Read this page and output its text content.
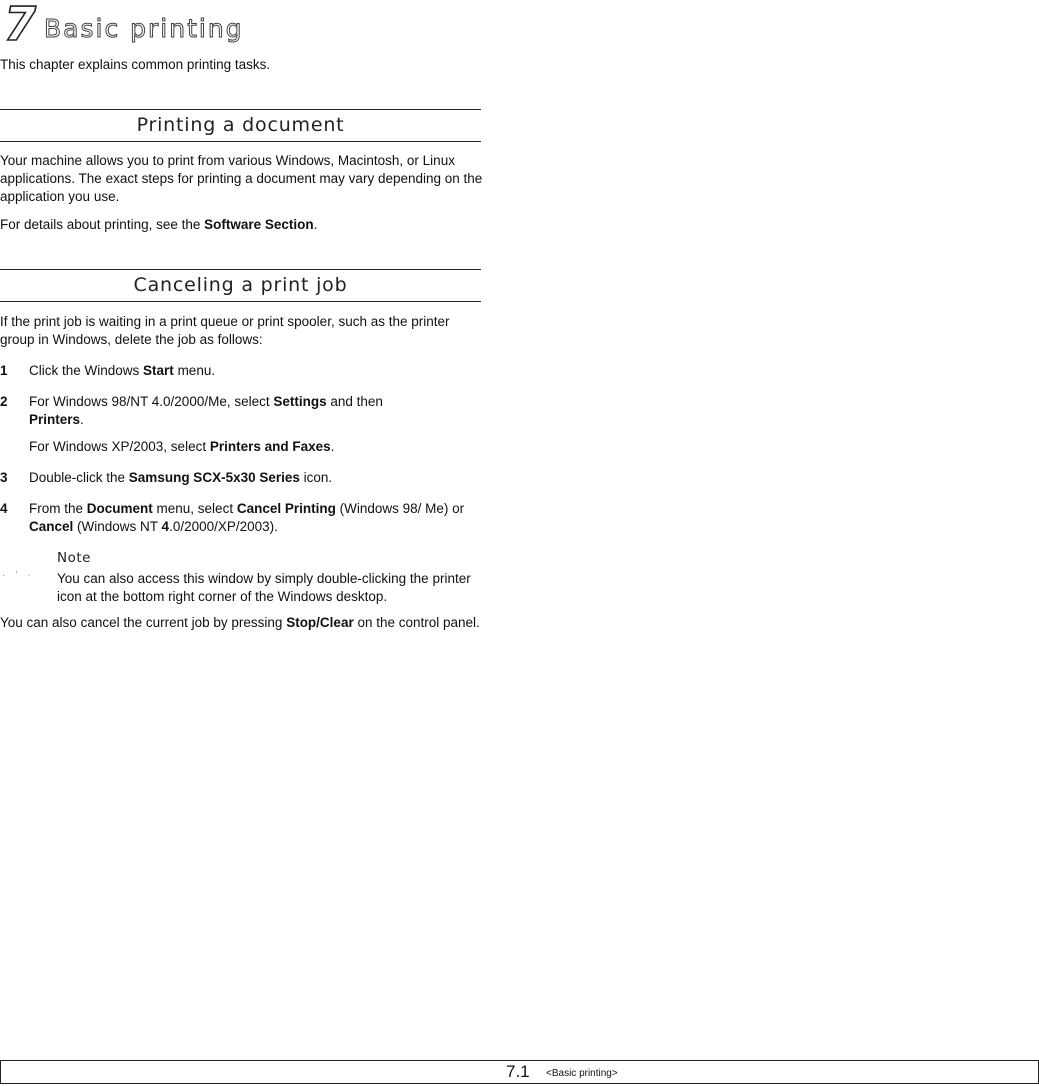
7 Basic printing
This chapter explains common printing tasks.
Printing a document

Your machine allows you to print from various Windows, Macintosh, or Linux applications. The exact steps for printing a document may vary depending on the application you use.

For details about printing, see the Software Section.

Canceling a print job

If the print job is waiting in a print queue or print spooler, such as the printer group in Windows, delete the job as follows:

1 Click the Windows Start menu.
2 For Windows 98/NT 4.0/2000/Me, select Settings and then
Printers.
For Windows XP/2003, select Printers and Faxes.
3 Double-click the Samsung SCX-5x30 Series icon.
4 From the Document menu, select Cancel Printing (Windows 98/ Me) or Cancel (Windows NT 4.0/2000/XP/2003).
·'·
Note
You can also access this window by simply double-clicking the printer icon at the bottom right corner of the Windows desktop.

You can also cancel the current job by pressing Stop/Clear on the control panel.

7.1 <Basic printing>
